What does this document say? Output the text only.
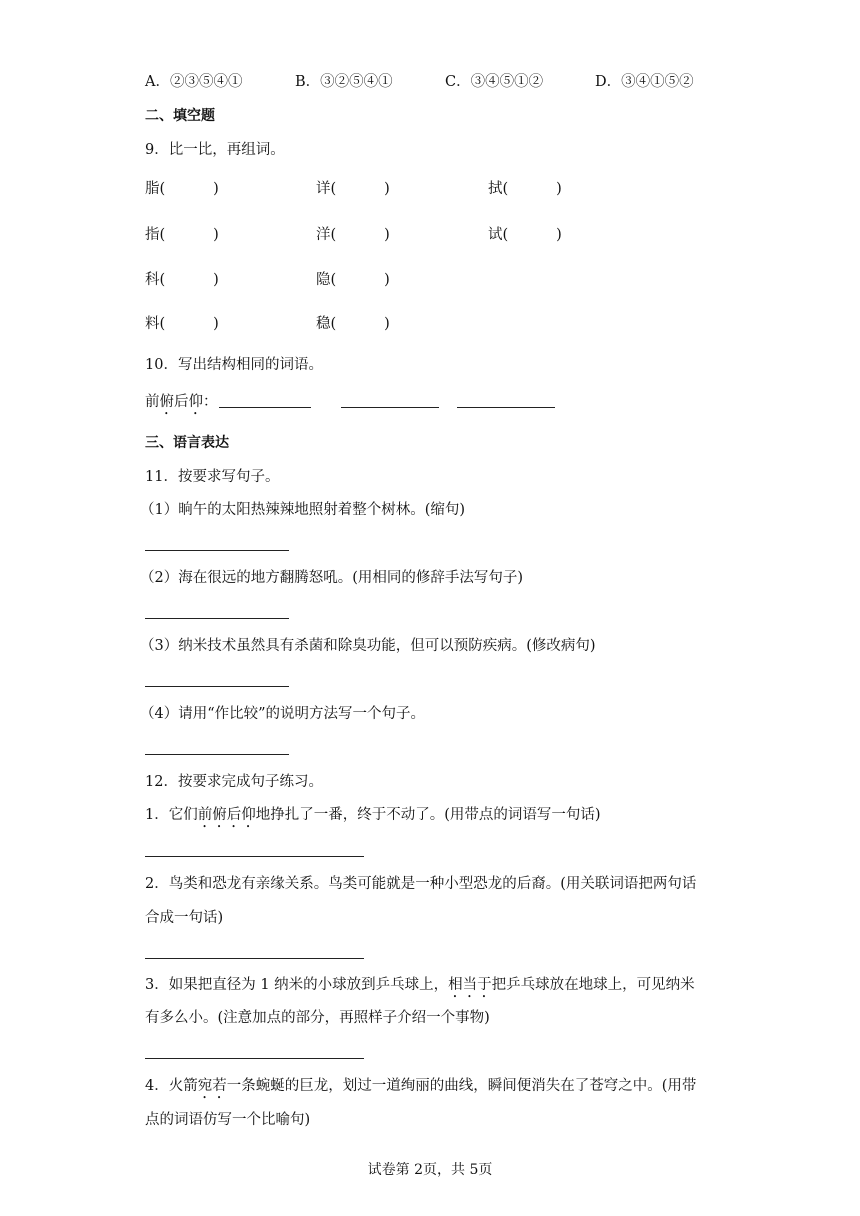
A．②③⑤④①	B．③②⑤④①	C．③④⑤①②	D．③④①⑤②
二、填空题
9．比一比，再组词。
脂(	)	详(	)	拭(	)
指(	)	洋(	)	试(	)
科(	)	隐(	)
料(	)	稳(	)
10．写出结构相同的词语。
前俯后仰：
三、语言表达
11．按要求写句子。
（1）晌午的太阳热辣辣地照射着整个树林。(缩句)
（2）海在很远的地方翻腾怒吼。(用相同的修辞手法写句子)
（3）纳米技术虽然具有杀菌和除臭功能，但可以预防疾病。(修改病句)
（4）请用“作比较”的说明方法写一个句子。
12．按要求完成句子练习。
1．它们前俯后仰地挣扎了一番，终于不动了。(用带点的词语写一句话)
2．鸟类和恐龙有亲缘关系。鸟类可能就是一种小型恐龙的后裔。(用关联词语把两句话
合成一句话)
3．如果把直径为 1 纳米的小球放到乒乓球上，相当于把乒乓球放在地球上，可见纳米
有多么小。(注意加点的部分，再照样子介绍一个事物)
4．火箭宛若一条蜿蜒的巨龙，划过一道绚丽的曲线，瞬间便消失在了苍穹之中。(用带
点的词语仿写一个比喻句)
试卷第 2页，共 5页
